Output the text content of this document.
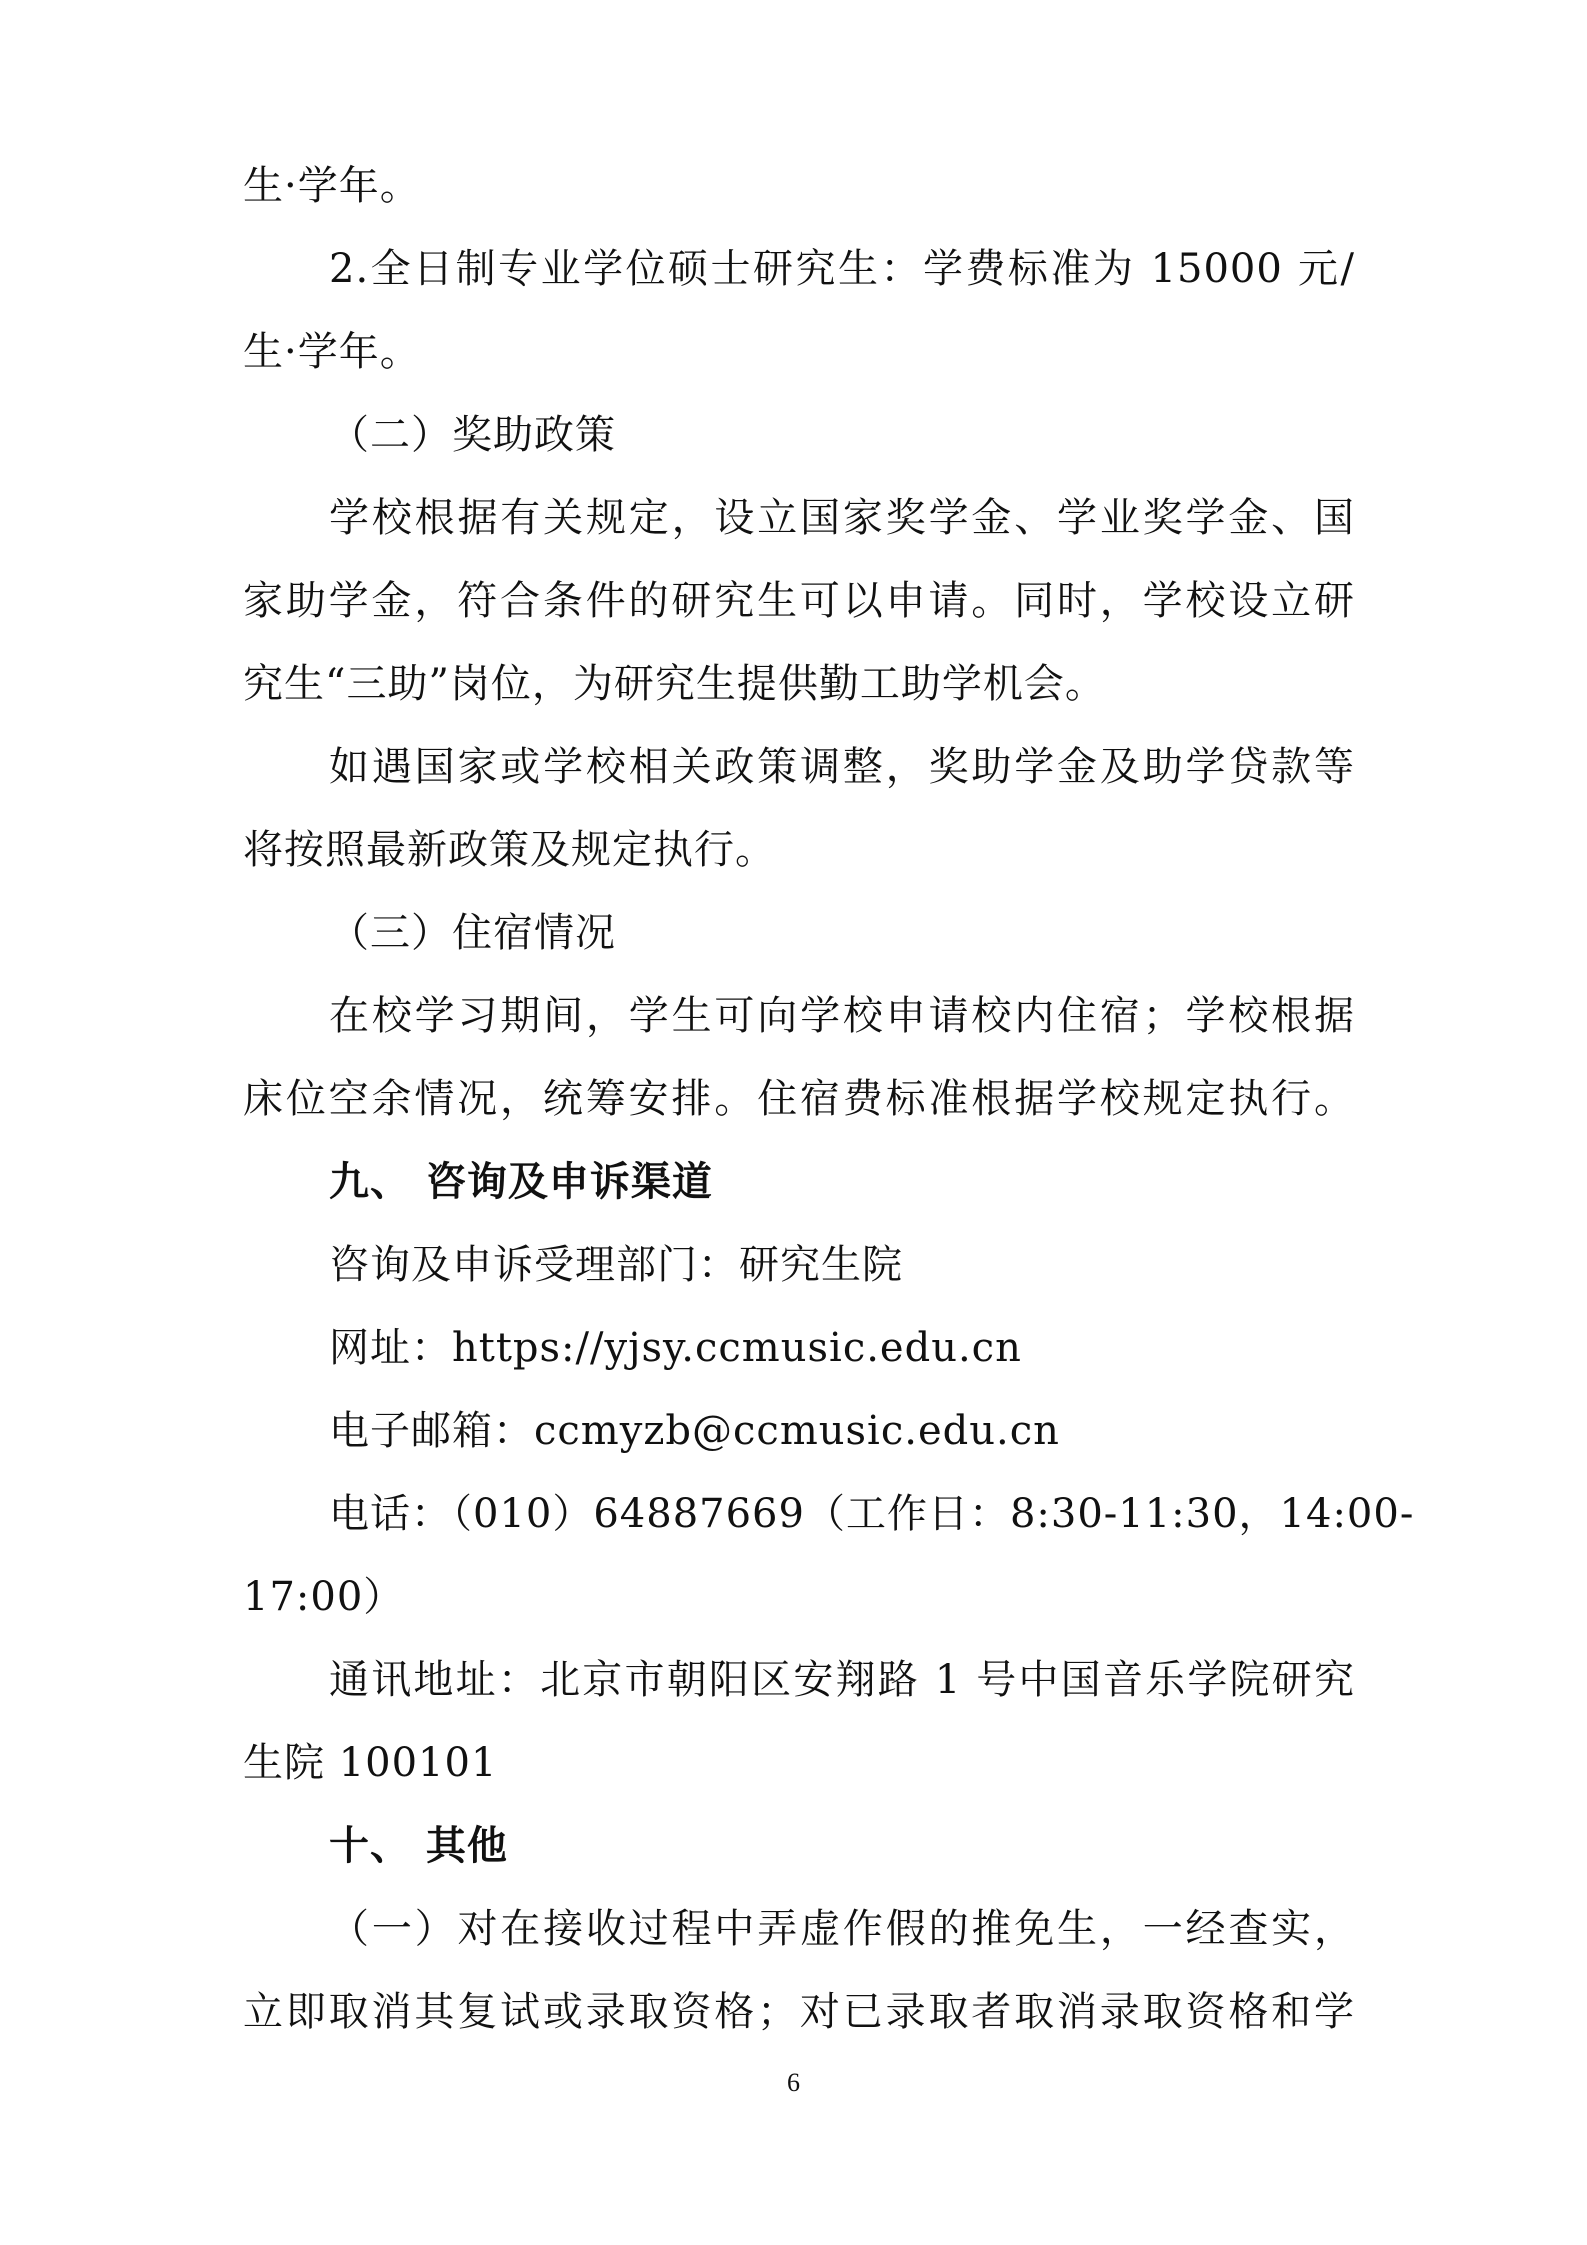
生·学年。
2.全日制专业学位硕士研究生：学费标准为 15000 元/
生·学年。
（二）奖助政策
学校根据有关规定，设立国家奖学金、学业奖学金、国
家助学金，符合条件的研究生可以申请。同时，学校设立研
究生“三助”岗位，为研究生提供勤工助学机会。
如遇国家或学校相关政策调整，奖助学金及助学贷款等
将按照最新政策及规定执行。
（三）住宿情况
在校学习期间，学生可向学校申请校内住宿；学校根据
床位空余情况，统筹安排。住宿费标准根据学校规定执行。
九、 咨询及申诉渠道
咨询及申诉受理部门：研究生院
网址：https://yjsy.ccmusic.edu.cn
电子邮箱：ccmyzb@ccmusic.edu.cn
电话：（010）64887669（工作日：8:30-11:30，14:00-
17:00）
通讯地址：北京市朝阳区安翔路 1 号中国音乐学院研究
生院 100101
十、 其他
（一）对在接收过程中弄虚作假的推免生，一经查实，
立即取消其复试或录取资格；对已录取者取消录取资格和学
6
